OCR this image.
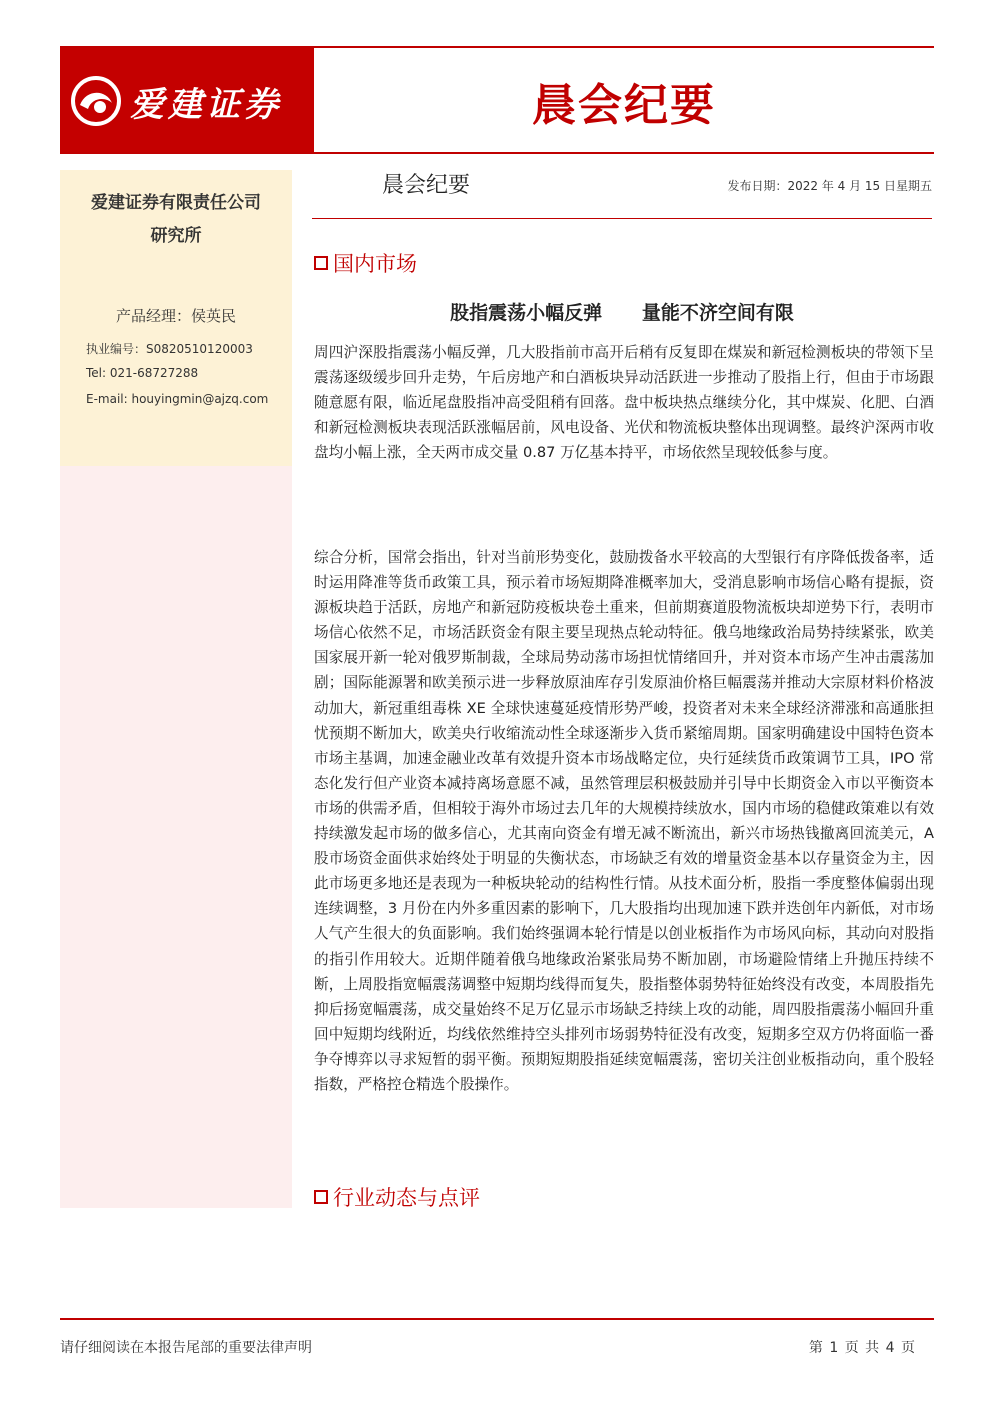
爱建证券	晨会纪要
爱建证券有限责任公司
研究所
产品经理：侯英民
执业编号：S0820510120003
Tel: 021-68727288
E-mail: houyingmin@ajzq.com
晨会纪要	发布日期：2022 年 4 月 15 日星期五
国内市场
股指震荡小幅反弹      量能不济空间有限
周四沪深股指震荡小幅反弹，几大股指前市高开后稍有反复即在煤炭和新冠检测板块的带领下呈震荡逐级缓步回升走势，午后房地产和白酒板块异动活跃进一步推动了股指上行，但由于市场跟随意愿有限，临近尾盘股指冲高受阻稍有回落。盘中板块热点继续分化，其中煤炭、化肥、白酒和新冠检测板块表现活跃涨幅居前，风电设备、光伏和物流板块整体出现调整。最终沪深两市收盘均小幅上涨，全天两市成交量 0.87 万亿基本持平，市场依然呈现较低参与度。
综合分析，国常会指出，针对当前形势变化，鼓励拨备水平较高的大型银行有序降低拨备率，适时运用降准等货币政策工具，预示着市场短期降准概率加大，受消息影响市场信心略有提振，资源板块趋于活跃，房地产和新冠防疫板块卷土重来，但前期赛道股物流板块却逆势下行，表明市场信心依然不足，市场活跃资金有限主要呈现热点轮动特征。俄乌地缘政治局势持续紧张，欧美国家展开新一轮对俄罗斯制裁，全球局势动荡市场担忧情绪回升，并对资本市场产生冲击震荡加剧；国际能源署和欧美预示进一步释放原油库存引发原油价格巨幅震荡并推动大宗原材料价格波动加大，新冠重组毒株 XE 全球快速蔓延疫情形势严峻，投资者对未来全球经济滞涨和高通胀担忧预期不断加大，欧美央行收缩流动性全球逐渐步入货币紧缩周期。国家明确建设中国特色资本市场主基调，加速金融业改革有效提升资本市场战略定位，央行延续货币政策调节工具，IPO 常态化发行但产业资本减持离场意愿不减，虽然管理层积极鼓励并引导中长期资金入市以平衡资本市场的供需矛盾，但相较于海外市场过去几年的大规模持续放水，国内市场的稳健政策难以有效持续激发起市场的做多信心，尤其南向资金有增无减不断流出，新兴市场热钱撤离回流美元，A 股市场资金面供求始终处于明显的失衡状态，市场缺乏有效的增量资金基本以存量资金为主，因此市场更多地还是表现为一种板块轮动的结构性行情。从技术面分析，股指一季度整体偏弱出现连续调整，3 月份在内外多重因素的影响下，几大股指均出现加速下跌并迭创年内新低，对市场人气产生很大的负面影响。我们始终强调本轮行情是以创业板指作为市场风向标，其动向对股指的指引作用较大。近期伴随着俄乌地缘政治紧张局势不断加剧，市场避险情绪上升抛压持续不断，上周股指宽幅震荡调整中短期均线得而复失，股指整体弱势特征始终没有改变，本周股指先抑后扬宽幅震荡，成交量始终不足万亿显示市场缺乏持续上攻的动能，周四股指震荡小幅回升重回中短期均线附近，均线依然维持空头排列市场弱势特征没有改变，短期多空双方仍将面临一番争夺博弈以寻求短暂的弱平衡。预期短期股指延续宽幅震荡，密切关注创业板指动向，重个股轻指数，严格控仓精选个股操作。
行业动态与点评
请仔细阅读在本报告尾部的重要法律声明	第 1 页 共 4 页
